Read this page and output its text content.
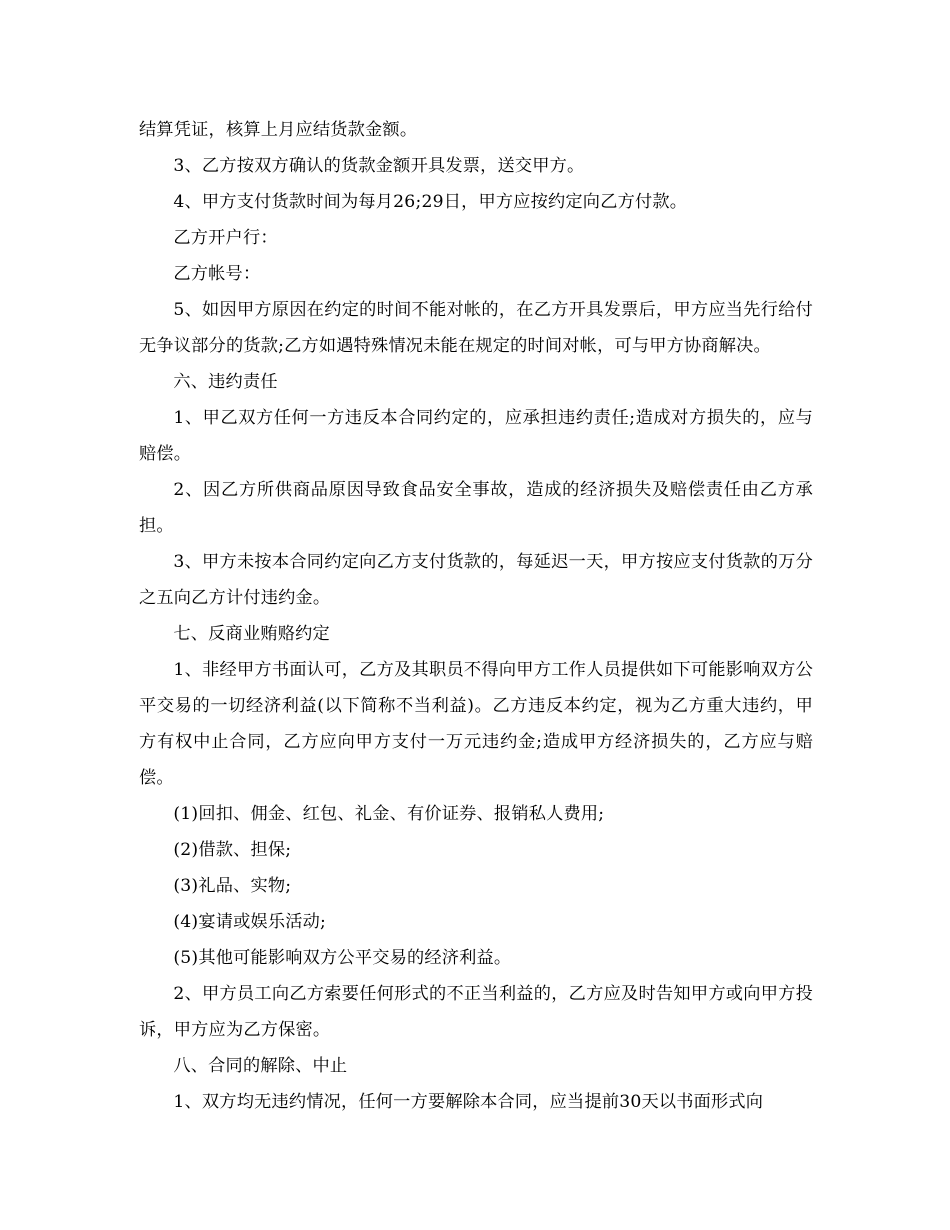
结算凭证，核算上月应结货款金额。

3、乙方按双方确认的货款金额开具发票，送交甲方。

4、甲方支付货款时间为每月26;29日，甲方应按约定向乙方付款。

乙方开户行：

乙方帐号：

5、如因甲方原因在约定的时间不能对帐的，在乙方开具发票后，甲方应当先行给付无争议部分的货款;乙方如遇特殊情况未能在规定的时间对帐，可与甲方协商解决。

六、违约责任

1、甲乙双方任何一方违反本合同约定的，应承担违约责任;造成对方损失的，应与赔偿。

2、因乙方所供商品原因导致食品安全事故，造成的经济损失及赔偿责任由乙方承担。

3、甲方未按本合同约定向乙方支付货款的，每延迟一天，甲方按应支付货款的万分之五向乙方计付违约金。

七、反商业贿赂约定

1、非经甲方书面认可，乙方及其职员不得向甲方工作人员提供如下可能影响双方公平交易的一切经济利益(以下简称不当利益)。乙方违反本约定，视为乙方重大违约，甲方有权中止合同，乙方应向甲方支付一万元违约金;造成甲方经济损失的，乙方应与赔偿。

(1)回扣、佣金、红包、礼金、有价证券、报销私人费用;

(2)借款、担保;

(3)礼品、实物;

(4)宴请或娱乐活动;

(5)其他可能影响双方公平交易的经济利益。

2、甲方员工向乙方索要任何形式的不正当利益的，乙方应及时告知甲方或向甲方投诉，甲方应为乙方保密。

八、合同的解除、中止

1、双方均无违约情况，任何一方要解除本合同，应当提前30天以书面形式向
